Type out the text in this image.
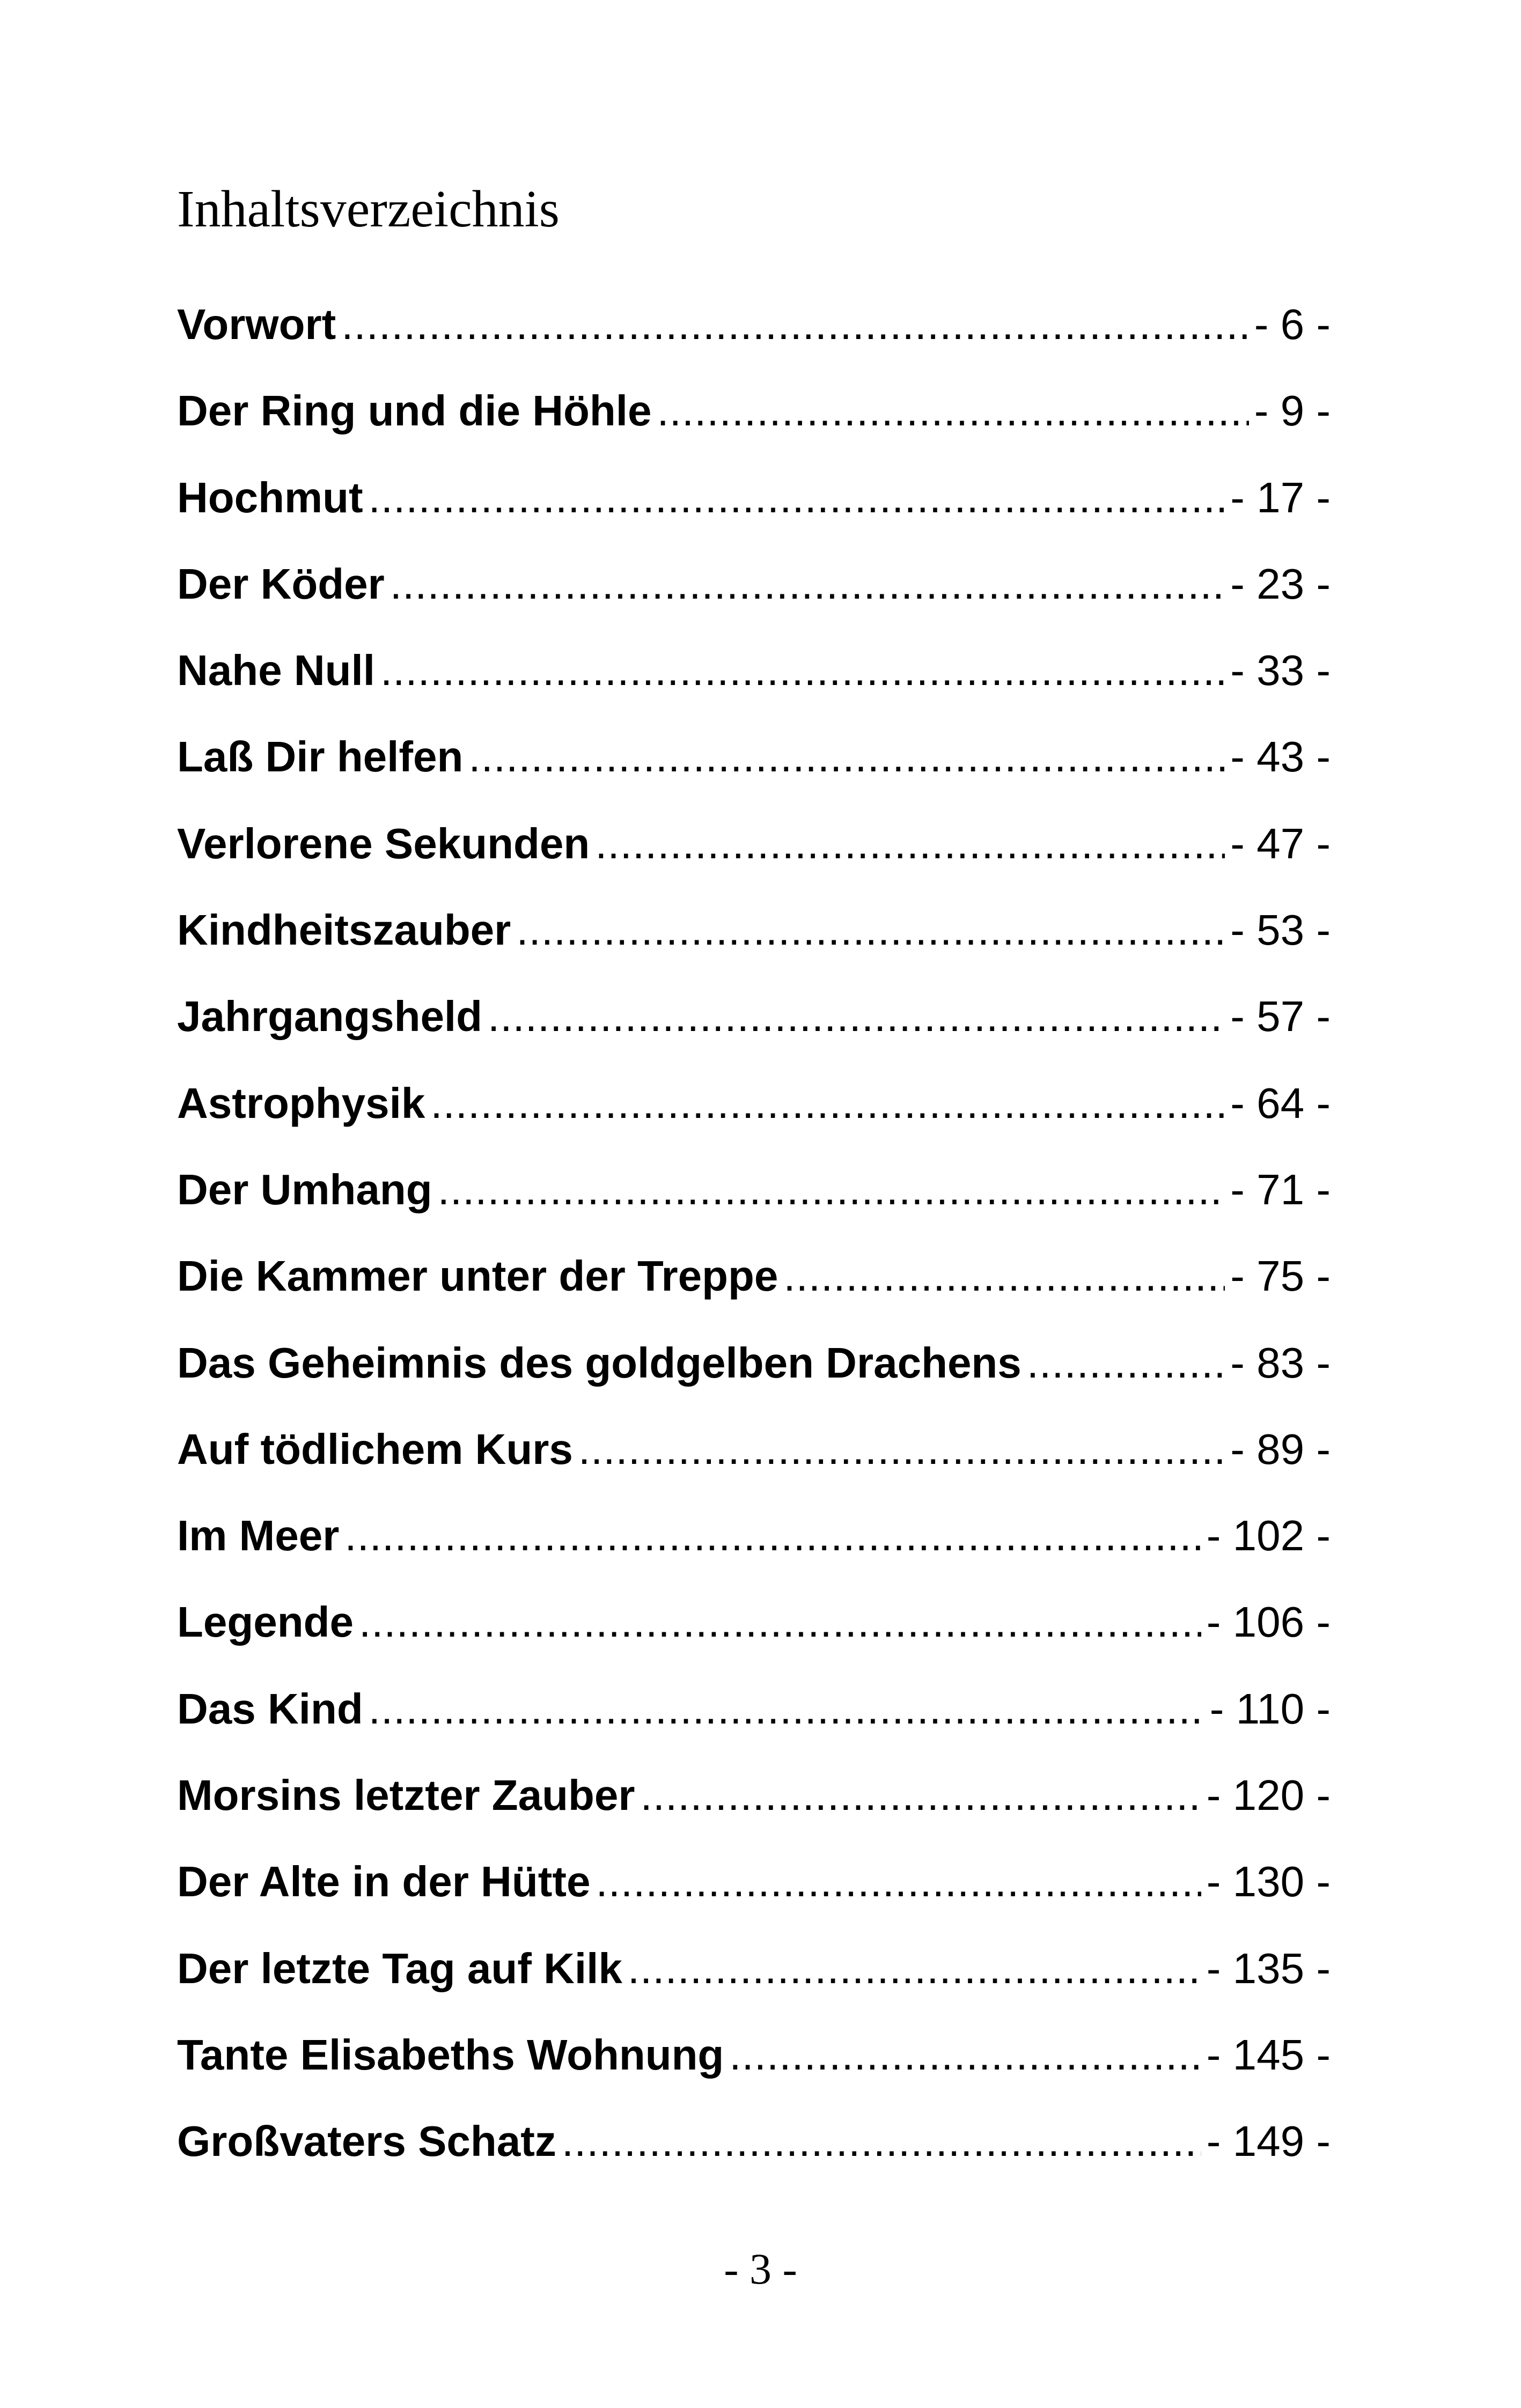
Inhaltsverzeichnis
Vorwort .....	- 6 -
Der Ring und die Höhle .....	- 9 -
Hochmut .....	- 17 -
Der Köder .....	- 23 -
Nahe Null .....	- 33 -
Laß Dir helfen .....	- 43 -
Verlorene Sekunden .....	- 47 -
Kindheitszauber .....	- 53 -
Jahrgangsheld .....	- 57 -
Astrophysik .....	- 64 -
Der Umhang .....	- 71 -
Die Kammer unter der Treppe .....	- 75 -
Das Geheimnis des goldgelben Drachens .....	- 83 -
Auf tödlichem Kurs .....	- 89 -
Im Meer .....	- 102 -
Legende .....	- 106 -
Das Kind .....	- 110 -
Morsins letzter Zauber .....	- 120 -
Der Alte in der Hütte .....	- 130 -
Der letzte Tag auf Kilk .....	- 135 -
Tante Elisabeths Wohnung .....	- 145 -
Großvaters Schatz .....	- 149 -
- 3 -
